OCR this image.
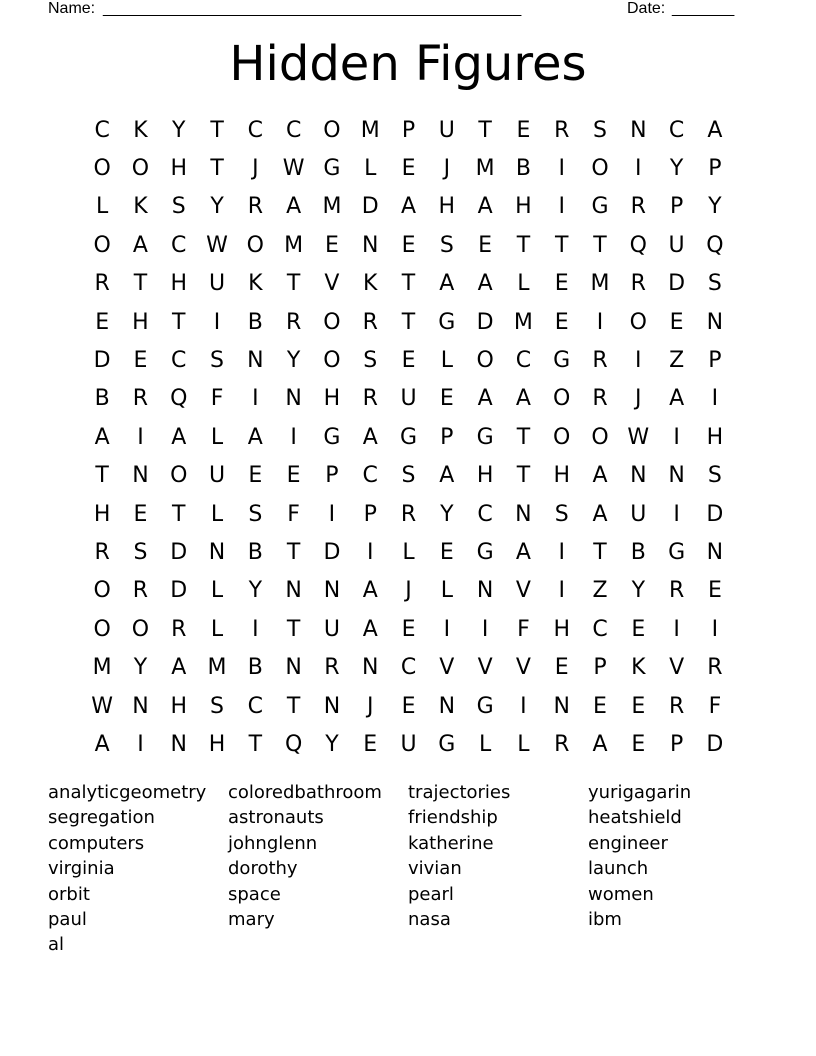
Name: _______________________________________________	Date: _______
Hidden Figures
C	K	Y	T	C	C O M	P	U	T	E	R	S	N	C	A
O O H	T	J	W G	L	E	J	M B	I	O	I	Y	P
L	K	S	Y	R	A M D	A	H	A	H	I	G	R	P	Y
O	A	C W O M E	N	E	S	E	T	T	T	Q U Q
R	T	H U	K	T	V	K	T	A	A	L	E M R	D	S
E	H	T	I	B	R O R	T	G D M E	I	O	E	N
D	E	C	S	N	Y	O	S	E	L	O C	G	R	I	Z	P
B	R Q	F	I	N H	R	U	E	A	A	O R	J	A	I
A	I	A	L	A	I	G	A	G	P	G	T	O O W	I	H
T	N O U	E	E	P	C	S	A	H	T	H	A	N N	S
H	E	T	L	S	F	I	P	R	Y	C	N	S	A	U	I	D
R	S	D N	B	T	D	I	L	E	G	A	I	T	B	G N
O R	D	L	Y	N N	A	J	L	N	V	I	Z	Y	R	E
O O R	L	I	T	U	A	E	I	I	F	H	C	E	I	I
M	Y	A M B	N	R	N	C	V	V	V	E	P	K	V	R
W N H	S	C	T	N	J	E	N G	I	N	E	E	R	F
A	I	N H	T	Q	Y	E	U G	L	L	R	A	E	P	D
analyticgeometry	coloredbathroom	trajectories	yurigagarin
segregation	astronauts	friendship	heatshield
computers	johnglenn	katherine	engineer
virginia	dorothy	vivian	launch
orbit	space	pearl	women
paul	mary	nasa	ibm
al
